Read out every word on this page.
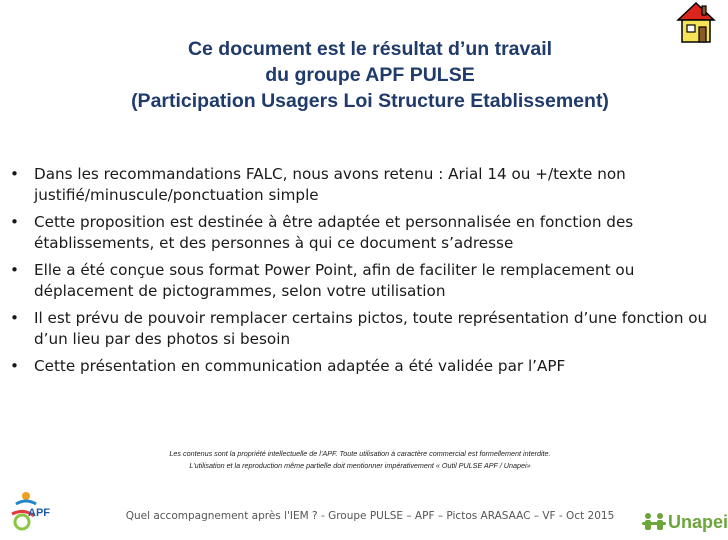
Ce document est le résultat d’un travail
du groupe APF PULSE
(Participation Usagers Loi Structure Etablissement)
• Dans les recommandations FALC, nous avons retenu : Arial 14 ou +/texte non justifié/minuscule/ponctuation simple
• Cette proposition est destinée à être adaptée et personnalisée en fonction des établissements, et des personnes à qui ce document s’adresse
• Elle a été conçue sous format Power Point, afin de faciliter le remplacement ou déplacement de pictogrammes, selon votre utilisation
• Il est prévu de pouvoir remplacer certains pictos, toute représentation d’une fonction ou d’un lieu par des photos si besoin
• Cette présentation en communication adaptée a été validée par l’APF
Les contenus sont la propriété intellectuelle de l’APF. Toute utilisation à caractère commercial est formellement interdite.
L’utilisation et la reproduction même partielle doit mentionner impérativement « Outil PULSE APF / Unapei»
APF	Quel accompagnement après l'IEM ? - Groupe PULSE – APF – Pictos ARASAAC – VF - Oct 2015	Unapei
